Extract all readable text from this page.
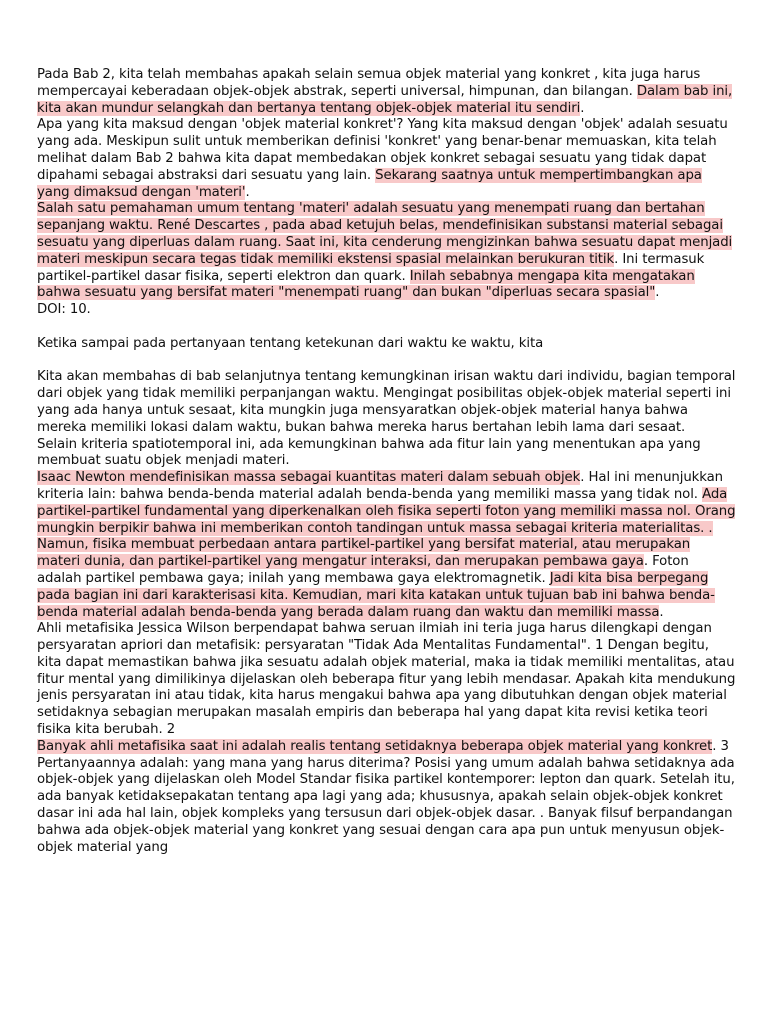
Pada Bab 2, kita telah membahas apakah selain semua objek material yang konkret , kita juga harus mempercayai keberadaan objek-objek abstrak, seperti universal, himpunan, dan bilangan. Dalam bab ini, kita akan mundur selangkah dan bertanya tentang objek-objek material itu sendiri.
Apa yang kita maksud dengan 'objek material konkret'? Yang kita maksud dengan 'objek' adalah sesuatu yang ada. Meskipun sulit untuk memberikan definisi 'konkret' yang benar-benar memuaskan, kita telah melihat dalam Bab 2 bahwa kita dapat membedakan objek konkret sebagai sesuatu yang tidak dapat dipahami sebagai abstraksi dari sesuatu yang lain. Sekarang saatnya untuk mempertimbangkan apa yang dimaksud dengan 'materi'.
Salah satu pemahaman umum tentang 'materi' adalah sesuatu yang menempati ruang dan bertahan sepanjang waktu. René Descartes , pada abad ketujuh belas, mendefinisikan substansi material sebagai sesuatu yang diperluas dalam ruang. Saat ini, kita cenderung mengizinkan bahwa sesuatu dapat menjadi materi meskipun secara tegas tidak memiliki ekstensi spasial melainkan berukuran titik. Ini termasuk partikel-partikel dasar fisika, seperti elektron dan quark. Inilah sebabnya mengapa kita mengatakan bahwa sesuatu yang bersifat materi "menempati ruang" dan bukan "diperluas secara spasial".
DOI: 10.
Ketika sampai pada pertanyaan tentang ketekunan dari waktu ke waktu, kita
Kita akan membahas di bab selanjutnya tentang kemungkinan irisan waktu dari individu, bagian temporal dari objek yang tidak memiliki perpanjangan waktu. Mengingat posibilitas objek-objek material seperti ini yang ada hanya untuk sesaat, kita mungkin juga mensyaratkan objek-objek material hanya bahwa mereka memiliki lokasi dalam waktu, bukan bahwa mereka harus bertahan lebih lama dari sesaat.
Selain kriteria spatiotemporal ini, ada kemungkinan bahwa ada fitur lain yang menentukan apa yang membuat suatu objek menjadi materi.
Isaac Newton mendefinisikan massa sebagai kuantitas materi dalam sebuah objek. Hal ini menunjukkan kriteria lain: bahwa benda-benda material adalah benda-benda yang memiliki massa yang tidak nol. Ada partikel-partikel fundamental yang diperkenalkan oleh fisika seperti foton yang memiliki massa nol. Orang mungkin berpikir bahwa ini memberikan contoh tandingan untuk massa sebagai kriteria materialitas. . Namun, fisika membuat perbedaan antara partikel-partikel yang bersifat material, atau merupakan materi dunia, dan partikel-partikel yang mengatur interaksi, dan merupakan pembawa gaya. Foton adalah partikel pembawa gaya; inilah yang membawa gaya elektromagnetik. Jadi kita bisa berpegang pada bagian ini dari karakterisasi kita. Kemudian, mari kita katakan untuk tujuan bab ini bahwa benda-benda material adalah benda-benda yang berada dalam ruang dan waktu dan memiliki massa.
Ahli metafisika Jessica Wilson berpendapat bahwa seruan ilmiah ini teria juga harus dilengkapi dengan persyaratan apriori dan metafisik: persyaratan "Tidak Ada Mentalitas Fundamental". 1 Dengan begitu, kita dapat memastikan bahwa jika sesuatu adalah objek material, maka ia tidak memiliki mentalitas, atau fitur mental yang dimilikinya dijelaskan oleh beberapa fitur yang lebih mendasar. Apakah kita mendukung jenis persyaratan ini atau tidak, kita harus mengakui bahwa apa yang dibutuhkan dengan objek material setidaknya sebagian merupakan masalah empiris dan beberapa hal yang dapat kita revisi ketika teori fisika kita berubah. 2
Banyak ahli metafisika saat ini adalah realis tentang setidaknya beberapa objek material yang konkret. 3 Pertanyaannya adalah: yang mana yang harus diterima? Posisi yang umum adalah bahwa setidaknya ada objek-objek yang dijelaskan oleh Model Standar fisika partikel kontemporer: lepton dan quark. Setelah itu, ada banyak ketidaksepakatan tentang apa lagi yang ada; khususnya, apakah selain objek-objek konkret dasar ini ada hal lain, objek kompleks yang tersusun dari objek-objek dasar. . Banyak filsuf berpandangan bahwa ada objek-objek material yang konkret yang sesuai dengan cara apa pun untuk menyusun objek-objek material yang
